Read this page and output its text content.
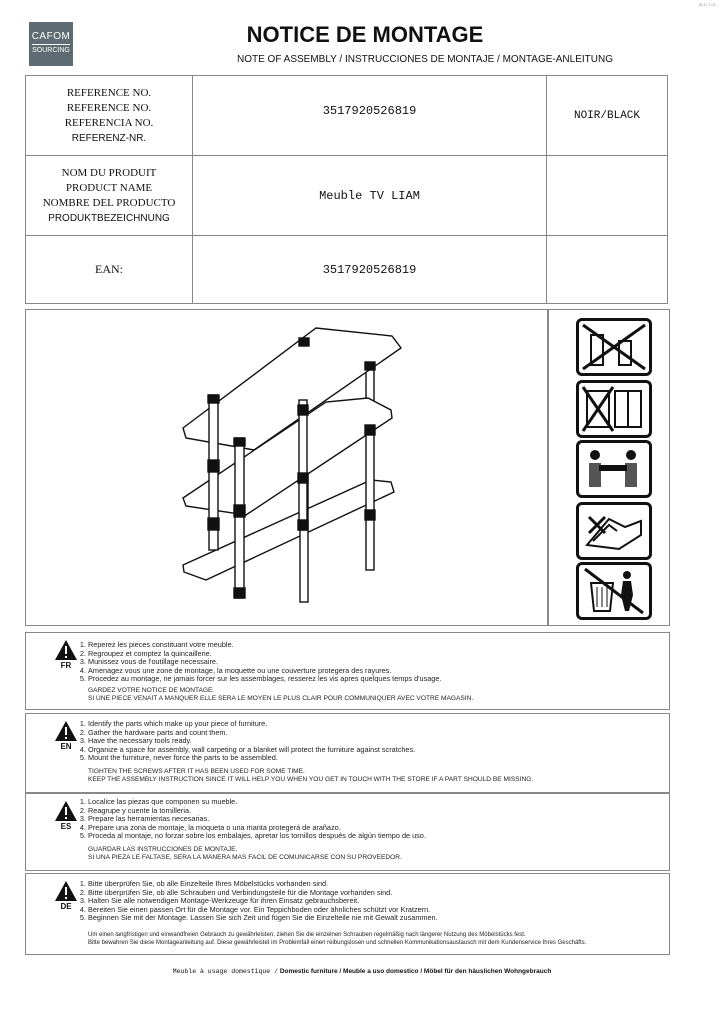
CAFOM
SOURCING
BLD-T-01
NOTICE DE MONTAGE
NOTE OF ASSEMBLY / INSTRUCCIONES DE MONTAJE / MONTAGE-ANLEITUNG
REFERENCE NO.
REFERENCE NO.
REFERENCIA NO.
REFERENZ-NR.	3517920526819	NOIR/BLACK

NOM DU PRODUIT
PRODUCT NAME
NOMBRE DEL PRODUCTO
PRODUKTBEZEICHNUNG	Meuble TV LIAM	
EAN:	3517920526819	
FR
1. Reperez les pieces constituant votre meuble.
2. Regroupez et comptez la quincaillerie.
3. Munissez vous de l'outillage necessaire.
4. Amenagez vous une zone de montage, la moquette ou une couverture protegera des rayures.
5. Procedez au montage, ne jamais forcer sur les assemblages, resserez les vis apres quelques temps d'usage.
GARDEZ VOTRE NOTICE DE MONTAGE.
SI UNE PIECE VENAIT A MANQUER ELLE SERA LE MOYEN LE PLUS CLAIR POUR COMMUNIQUER AVEC VOTRE MAGASIN.
EN
1. Identify the parts which make up your piece of furniture.
2. Gather the hardware parts and count them.
3. Have the necessary tools ready.
4. Organize a space for assembly, wall carpeting or a blanket will protect the furniture against scratches.
5. Mount the furniture, never force the parts to be assembled.
TIGHTEN THE SCREWS AFTER IT HAS BEEN USED FOR SOME TIME.
KEEP THE ASSEMBLY INSTRUCTION SINCE IT WILL HELP YOU WHEN YOU GET IN TOUCH WITH THE STORE IF A PART SHOULD BE MISSING.
ES
1. Localice las piezas que componen su mueble.
2. Reagrupe y cuente la tornilleria.
3. Prepare las herramientas necesarias.
4. Prepare una zona de montaje, la moqueta o una manta protegerá de arañazo.
5. Proceda al montaje, no forzar sobre los embalajes, apretar los tornillos después de algún tiempo de uso.
GUARDAR LAS INSTRUCCIONES DE MONTAJE.
SI UNA PIEZA LE FALTASE, SERA LA MANERA MAS FACIL DE COMUNICARSE CON SU PROVEEDOR.
DE
1. Bitte überprüfen Sie, ob alle Einzelteile Ihres Möbelstücks vorhanden sind.
2. Bitte überprüfen Sie, ob alle Schrauben und Verbindungsteile für die Montage vorhanden sind.
3. Halten Sie alle notwendigen Montage-Werkzeuge für ihren Einsatz gebrauchsbereit.
4. Bereiten Sie einen passen Ort für die Montage vor. Ein Teppichboden oder ähnliches schützt vor Kratzern.
5. Beginnen Sie mit der Montage. Lassen Sie sich Zeit und fügen Sie die Einzelteile nie mit Gewalt zusammen.
Um einen langfristigen und einwandfreien Gebrauch zu gewährleisten, ziehen Sie die einzelnen Schrauben regelmäßig nach längerer Nutzung des Möbelstücks fest.
Bitte bewahren Sie diese Montageanleitung auf. Diese gewährleistet im Problemfall einen reibungslosen und schnellen Kommunikationsaustausch mit dem Kundenservice Ihres Geschäfts.
Meuble à usage domestique / Domestic furniture / Meuble a uso domestico / Möbel für den häuslichen Wohngebrauch
